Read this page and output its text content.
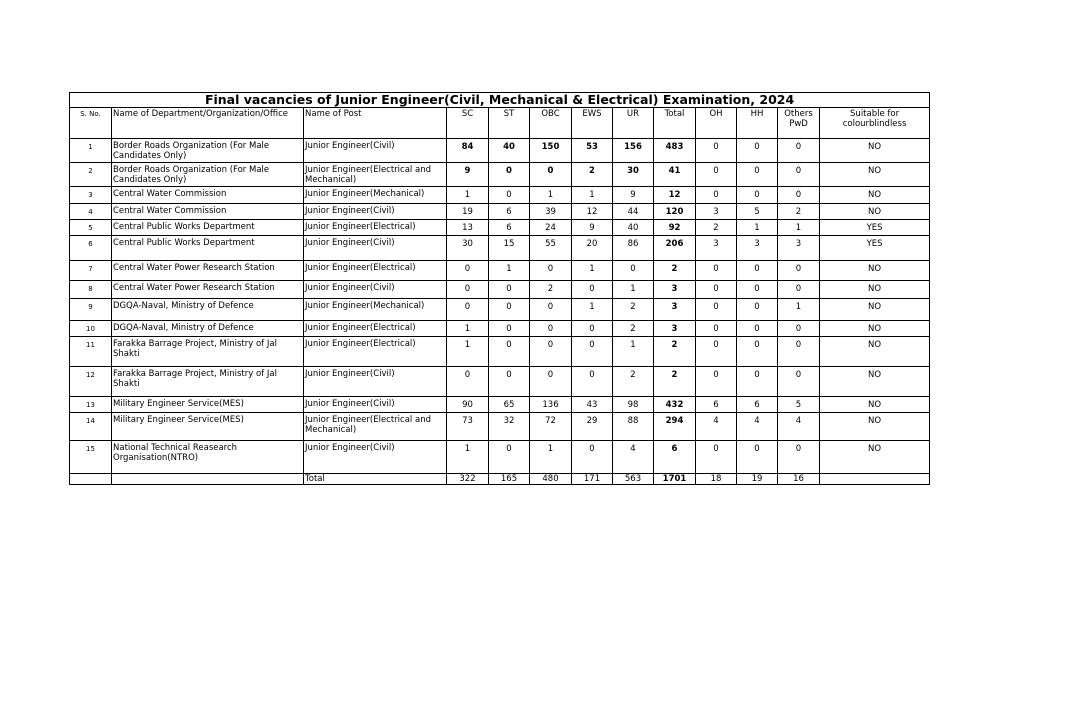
Final vacancies of Junior Engineer(Civil, Mechanical & Electrical) Examination, 2024												
S. No.	Name of Department/Organization/Office	Name of Post	SC	ST	OBC	EWS	UR	Total	OH	HH	Others PwD	Suitable for colourblindless
1	Border Roads Organization (For Male Candidates Only)	Junior Engineer(Civil)	84	40	150	53	156	483	0	0	0	NO
2	Border Roads Organization (For Male Candidates Only)	Junior Engineer(Electrical and Mechanical)	9	0	0	2	30	41	0	0	0	NO
3	Central Water Commission	Junior Engineer(Mechanical)	1	0	1	1	9	12	0	0	0	NO
4	Central Water Commission	Junior Engineer(Civil)	19	6	39	12	44	120	3	5	2	NO
5	Central Public Works Department	Junior Engineer(Electrical)	13	6	24	9	40	92	2	1	1	YES
6	Central Public Works Department	Junior Engineer(Civil)	30	15	55	20	86	206	3	3	3	YES
7	Central Water Power Research Station	Junior Engineer(Electrical)	0	1	0	1	0	2	0	0	0	NO
8	Central Water Power Research Station	Junior Engineer(Civil)	0	0	2	0	1	3	0	0	0	NO
9	DGQA-Naval, Ministry of Defence	Junior Engineer(Mechanical)	0	0	0	1	2	3	0	0	1	NO
10	DGQA-Naval, Ministry of Defence	Junior Engineer(Electrical)	1	0	0	0	2	3	0	0	0	NO
11	Farakka Barrage Project, Ministry of Jal Shakti	Junior Engineer(Electrical)	1	0	0	0	1	2	0	0	0	NO
12	Farakka Barrage Project, Ministry of Jal Shakti	Junior Engineer(Civil)	0	0	0	0	2	2	0	0	0	NO
13	Military Engineer Service(MES)	Junior Engineer(Civil)	90	65	136	43	98	432	6	6	5	NO
14	Military Engineer Service(MES)	Junior Engineer(Electrical and Mechanical)	73	32	72	29	88	294	4	4	4	NO
15	National Technical Reasearch Organisation(NTRO)	Junior Engineer(Civil)	1	0	1	0	4	6	0	0	0	NO
		Total	322	165	480	171	563	1701	18	19	16	
